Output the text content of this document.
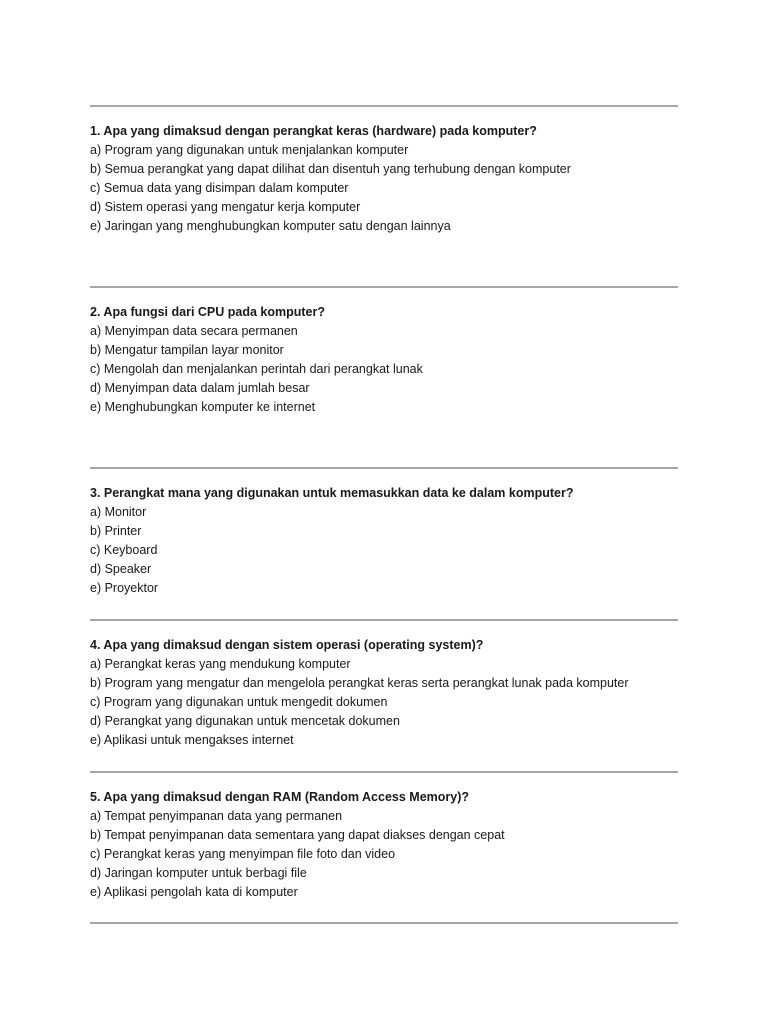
1. Apa yang dimaksud dengan perangkat keras (hardware) pada komputer?
a) Program yang digunakan untuk menjalankan komputer
b) Semua perangkat yang dapat dilihat dan disentuh yang terhubung dengan komputer
c) Semua data yang disimpan dalam komputer
d) Sistem operasi yang mengatur kerja komputer
e) Jaringan yang menghubungkan komputer satu dengan lainnya
2. Apa fungsi dari CPU pada komputer?
a) Menyimpan data secara permanen
b) Mengatur tampilan layar monitor
c) Mengolah dan menjalankan perintah dari perangkat lunak
d) Menyimpan data dalam jumlah besar
e) Menghubungkan komputer ke internet
3. Perangkat mana yang digunakan untuk memasukkan data ke dalam komputer?
a) Monitor
b) Printer
c) Keyboard
d) Speaker
e) Proyektor
4. Apa yang dimaksud dengan sistem operasi (operating system)?
a) Perangkat keras yang mendukung komputer
b) Program yang mengatur dan mengelola perangkat keras serta perangkat lunak pada komputer
c) Program yang digunakan untuk mengedit dokumen
d) Perangkat yang digunakan untuk mencetak dokumen
e) Aplikasi untuk mengakses internet
5. Apa yang dimaksud dengan RAM (Random Access Memory)?
a) Tempat penyimpanan data yang permanen
b) Tempat penyimpanan data sementara yang dapat diakses dengan cepat
c) Perangkat keras yang menyimpan file foto dan video
d) Jaringan komputer untuk berbagi file
e) Aplikasi pengolah kata di komputer
